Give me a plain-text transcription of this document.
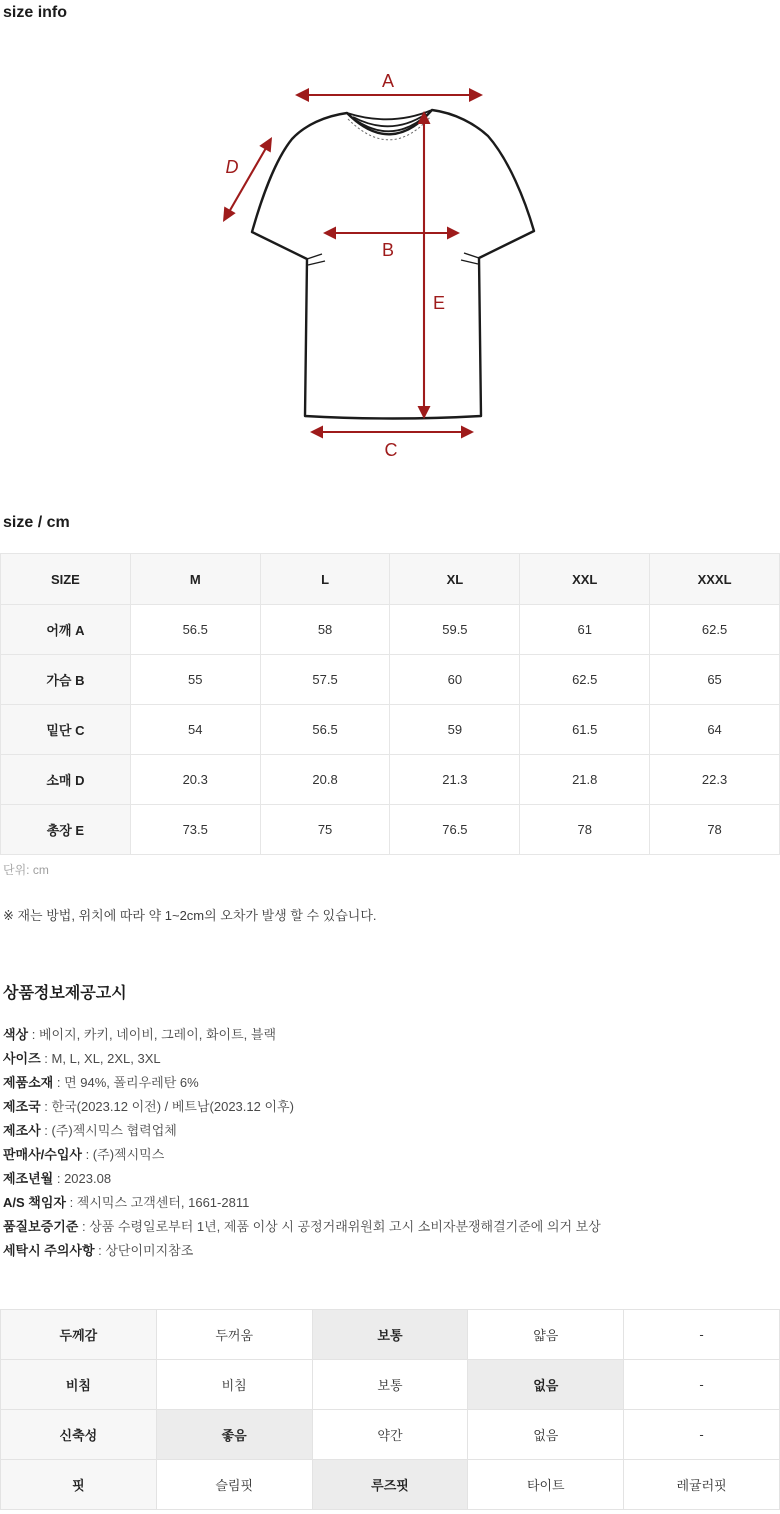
size info
A
B
C
D
E
size / cm
SIZE	M	L	XL	XXL	XXXL
어깨 A	56.5	58	59.5	61	62.5
가슴 B	55	57.5	60	62.5	65
밑단 C	54	56.5	59	61.5	64
소매 D	20.3	20.8	21.3	21.8	22.3
총장 E	73.5	75	76.5	78	78
단위: cm
※ 재는 방법, 위치에 따라 약 1~2cm의 오차가 발생 할 수 있습니다.
상품정보제공고시
색상 : 베이지, 카키, 네이비, 그레이, 화이트, 블랙
사이즈 : M, L, XL, 2XL, 3XL
제품소재 : 면 94%, 폴리우레탄 6%
제조국 : 한국(2023.12 이전) / 베트남(2023.12 이후)
제조사 : (주)젝시믹스 협력업체
판매사/수입사 : (주)젝시믹스
제조년월 : 2023.08
A/S 책임자 : 젝시믹스 고객센터, 1661-2811
품질보증기준 : 상품 수령일로부터 1년, 제품 이상 시 공정거래위원회 고시 소비자분쟁해결기준에 의거 보상
세탁시 주의사항 : 상단이미지참조
두께감	두꺼움	보통	얇음	-
비침	비침	보통	없음	-
신축성	좋음	약간	없음	-
핏	슬림핏	루즈핏	타이트	레귤러핏
